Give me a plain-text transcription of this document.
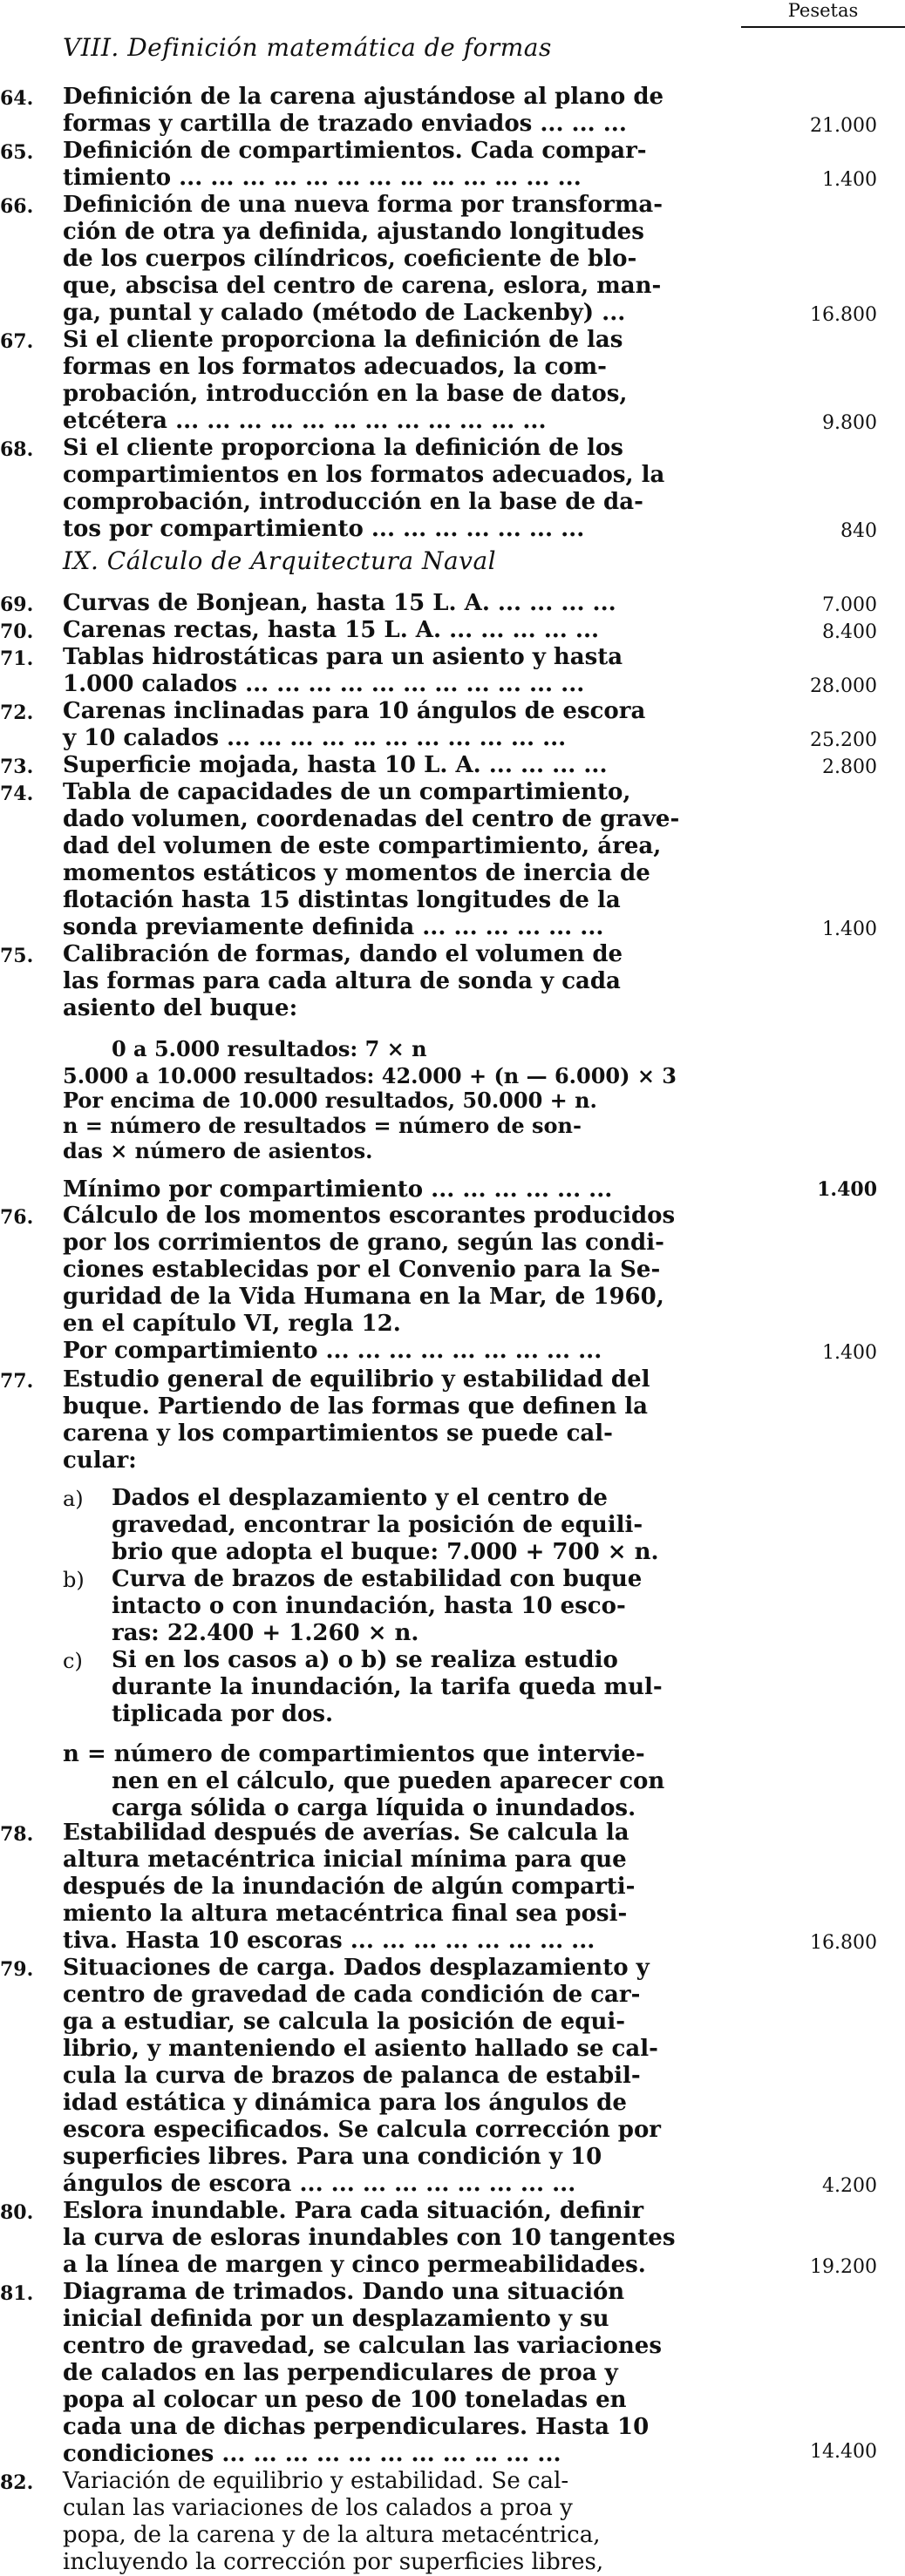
Pesetas
VIII. Definición matemática de formas
64.	Definición de la carena ajustándose al plano de
formas y cartilla de trazado enviados ... ... ...	21.000
65.	Definición de compartimientos. Cada compar-
timiento ... ... ... ... ... ... ... ... ... ... ... ... ...	1.400
66.	Definición de una nueva forma por transforma-
ción de otra ya definida, ajustando longitudes
de los cuerpos cilíndricos, coeficiente de blo-
que, abscisa del centro de carena, eslora, man-
ga, puntal y calado (método de Lackenby) ...	16.800
67.	Si el cliente proporciona la definición de las
formas en los formatos adecuados, la com-
probación, introducción en la base de datos,
etcétera ... ... ... ... ... ... ... ... ... ... ... ...	9.800
68.	Si el cliente proporciona la definición de los
compartimientos en los formatos adecuados, la
comprobación, introducción en la base de da-
tos por compartimiento ... ... ... ... ... ... ...	840
IX. Cálculo de Arquitectura Naval
69.	Curvas de Bonjean, hasta 15 L. A. ... ... ... ...	7.000
70.	Carenas rectas, hasta 15 L. A. ... ... ... ... ...	8.400
71.	Tablas hidrostáticas para un asiento y hasta
1.000 calados ... ... ... ... ... ... ... ... ... ... ...	28.000
72.	Carenas inclinadas para 10 ángulos de escora
y 10 calados ... ... ... ... ... ... ... ... ... ... ...	25.200
73.	Superficie mojada, hasta 10 L. A. ... ... ... ...	2.800
74.	Tabla de capacidades de un compartimiento,
dado volumen, coordenadas del centro de grave-
dad del volumen de este compartimiento, área,
momentos estáticos y momentos de inercia de
flotación hasta 15 distintas longitudes de la
sonda previamente definida ... ... ... ... ... ...	1.400
75.	Calibración de formas, dando el volumen de
las formas para cada altura de sonda y cada
asiento del buque:
0 a 5.000 resultados: 7 × n
5.000 a 10.000 resultados: 42.000 + (n — 6.000) × 3
Por encima de 10.000 resultados, 50.000 + n.
n = número de resultados = número de son-
das × número de asientos.
Mínimo por compartimiento ... ... ... ... ... ...	1.400
76.	Cálculo de los momentos escorantes producidos
por los corrimientos de grano, según las condi-
ciones establecidas por el Convenio para la Se-
guridad de la Vida Humana en la Mar, de 1960,
en el capítulo VI, regla 12.
Por compartimiento ... ... ... ... ... ... ... ... ...	1.400
77.	Estudio general de equilibrio y estabilidad del
buque. Partiendo de las formas que definen la
carena y los compartimientos se puede cal-
cular:
a) Dados el desplazamiento y el centro de
gravedad, encontrar la posición de equili-
brio que adopta el buque: 7.000 + 700 × n.
b) Curva de brazos de estabilidad con buque
intacto o con inundación, hasta 10 esco-
ras: 22.400 + 1.260 × n.
c) Si en los casos a) o b) se realiza estudio
durante la inundación, la tarifa queda mul-
tiplicada por dos.
n = número de compartimientos que intervie-
nen en el cálculo, que pueden aparecer con
carga sólida o carga líquida o inundados.
78.	Estabilidad después de averías. Se calcula la
altura metacéntrica inicial mínima para que
después de la inundación de algún comparti-
miento la altura metacéntrica final sea posi-
tiva. Hasta 10 escoras ... ... ... ... ... ... ... ...	16.800
79.	Situaciones de carga. Dados desplazamiento y
centro de gravedad de cada condición de car-
ga a estudiar, se calcula la posición de equi-
librio, y manteniendo el asiento hallado se cal-
cula la curva de brazos de palanca de estabil-
idad estática y dinámica para los ángulos de
escora especificados. Se calcula corrección por
superficies libres. Para una condición y 10
ángulos de escora ... ... ... ... ... ... ... ... ...	4.200
80.	Eslora inundable. Para cada situación, definir
la curva de esloras inundables con 10 tangentes
a la línea de margen y cinco permeabilidades.	19.200
81.	Diagrama de trimados. Dando una situación
inicial definida por un desplazamiento y su
centro de gravedad, se calculan las variaciones
de calados en las perpendiculares de proa y
popa al colocar un peso de 100 toneladas en
cada una de dichas perpendiculares. Hasta 10
condiciones ... ... ... ... ... ... ... ... ... ... ...	14.400
82.	Variación de equilibrio y estabilidad. Se cal-
culan las variaciones de los calados a proa y
popa, de la carena y de la altura metacéntrica,
incluyendo la corrección por superficies libres,
